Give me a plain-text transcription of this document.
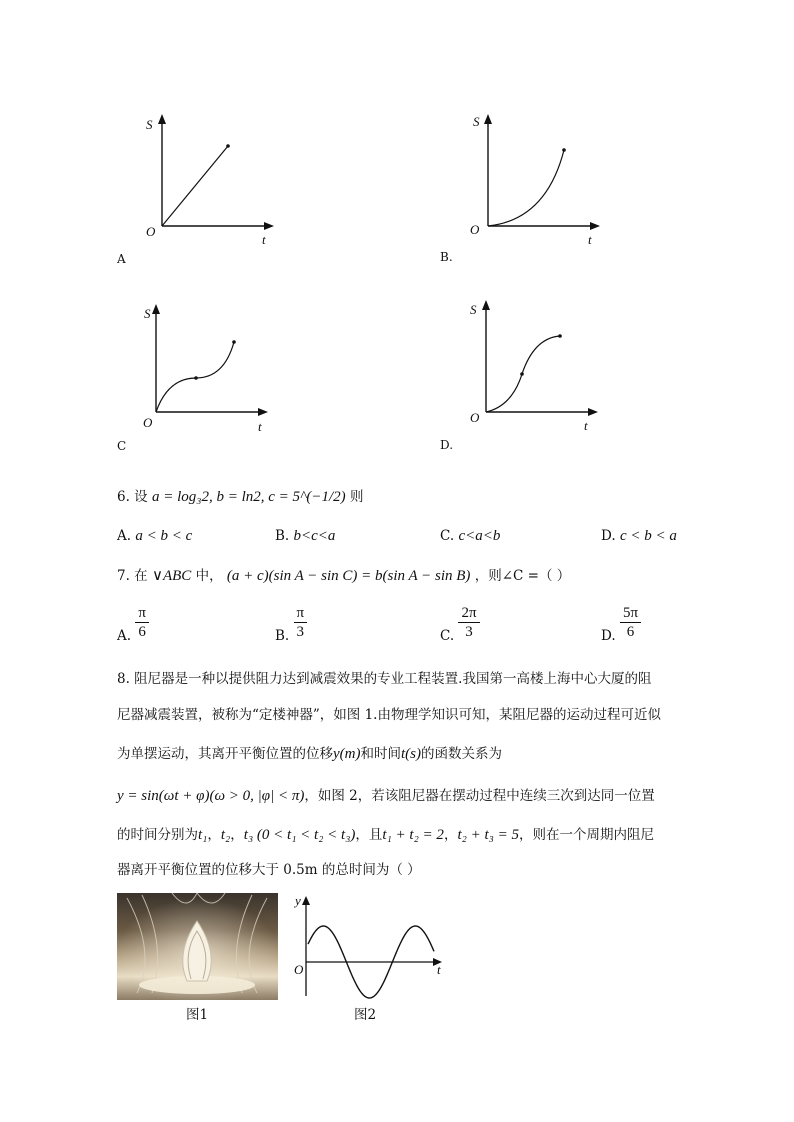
S
O
t
A
S
O
t
B.
S
O	t
C
S
O
t
D.
6. 设 a = log₃2, b = ln2, c = 5^(−1/2) 则
A. a < b < c	B. b<c<a	C. c<a<b	D. c < b < a
7. 在 ∨ABC 中， (a + c)(sin A − sin C) = b(sin A − sin B) ，则∠C =（ ）
A. $\frac{\pi}{6}$	B. $\frac{\pi}{3}$	C. $\frac{2\pi}{3}$	D. $\frac{5\pi}{6}$
8. 阻尼器是一种以提供阻力达到减震效果的专业工程装置.我国第一高楼上海中心大厦的阻
尼器减震装置，被称为“定楼神器”，如图 1.由物理学知识可知，某阻尼器的运动过程可近似
为单摆运动，其离开平衡位置的位移y(m)和时间t(s)的函数关系为
y = sin(ωt + φ)(ω > 0, |φ| < π)，如图 2，若该阻尼器在摆动过程中连续三次到达同一位置
的时间分别为t₁，t₂，t₃ (0 < t₁ < t₂ < t₃)，且t₁ + t₂ = 2，t₂ + t₃ = 5，则在一个周期内阻尼
器离开平衡位置的位移大于 0.5m 的总时间为（ ）
图1
y
O	t
图2
